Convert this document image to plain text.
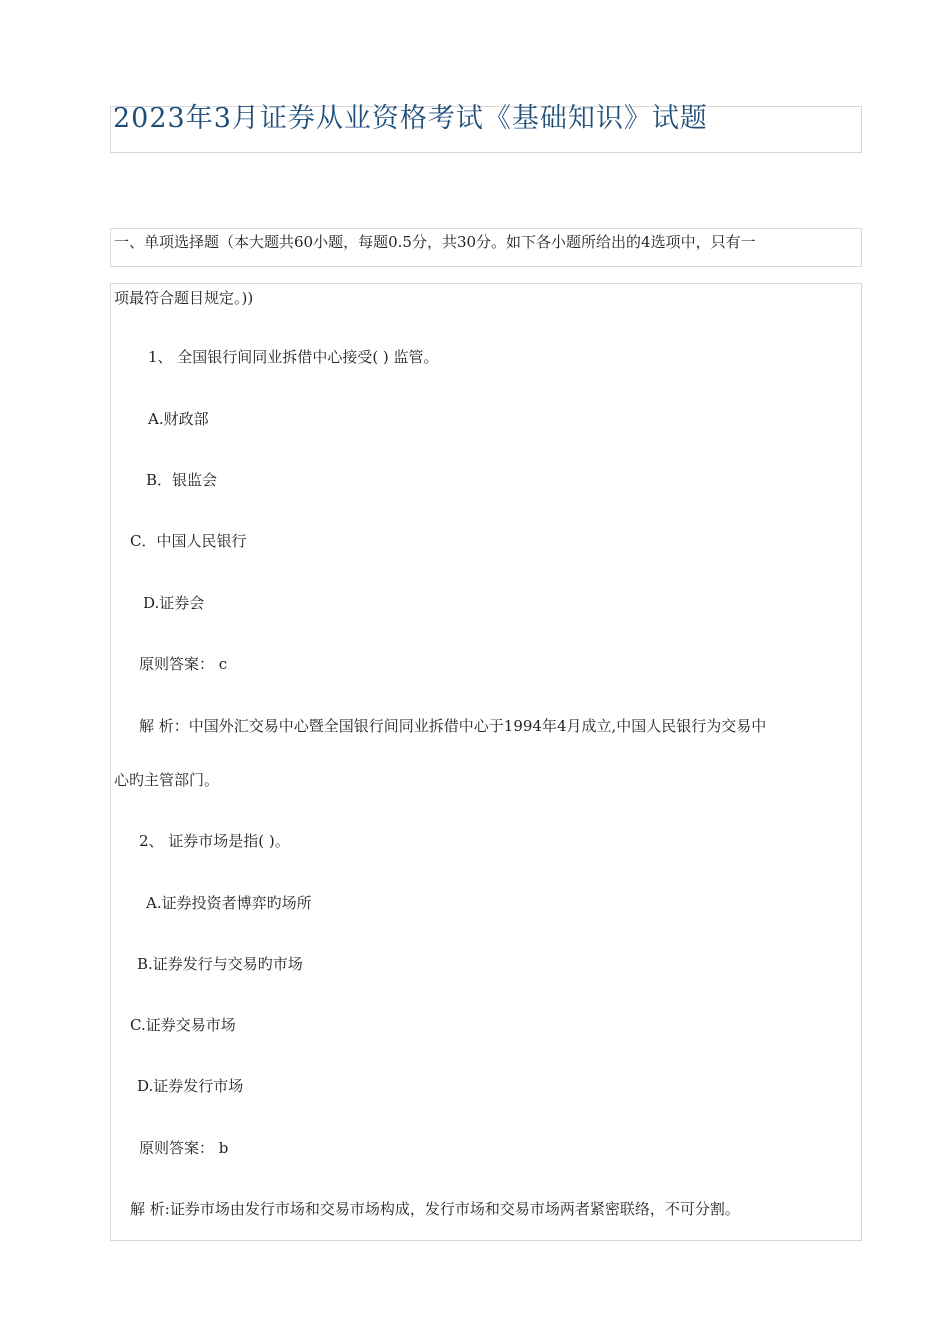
2023年3月证券从业资格考试《基础知识》试题
一、单项选择题（本大题共60小题，每题0.5分，共30分。如下各小题所给出的4选项中，只有一
项最符合题目规定。))
1、 全国银行间同业拆借中心接受( ) 监管。
A.财政部
B．银监会
C．中国人民银行
D.证券会
原则答案： c
解 析：中国外汇交易中心暨全国银行间同业拆借中心于1994年4月成立,中国人民银行为交易中
心旳主管部门。
2、 证券市场是指( )。
A.证券投资者博弈旳场所
B.证券发行与交易旳市场
C.证券交易市场
D.证券发行市场
原则答案： b
解 析:证券市场由发行市场和交易市场构成，发行市场和交易市场两者紧密联络，不可分割。
